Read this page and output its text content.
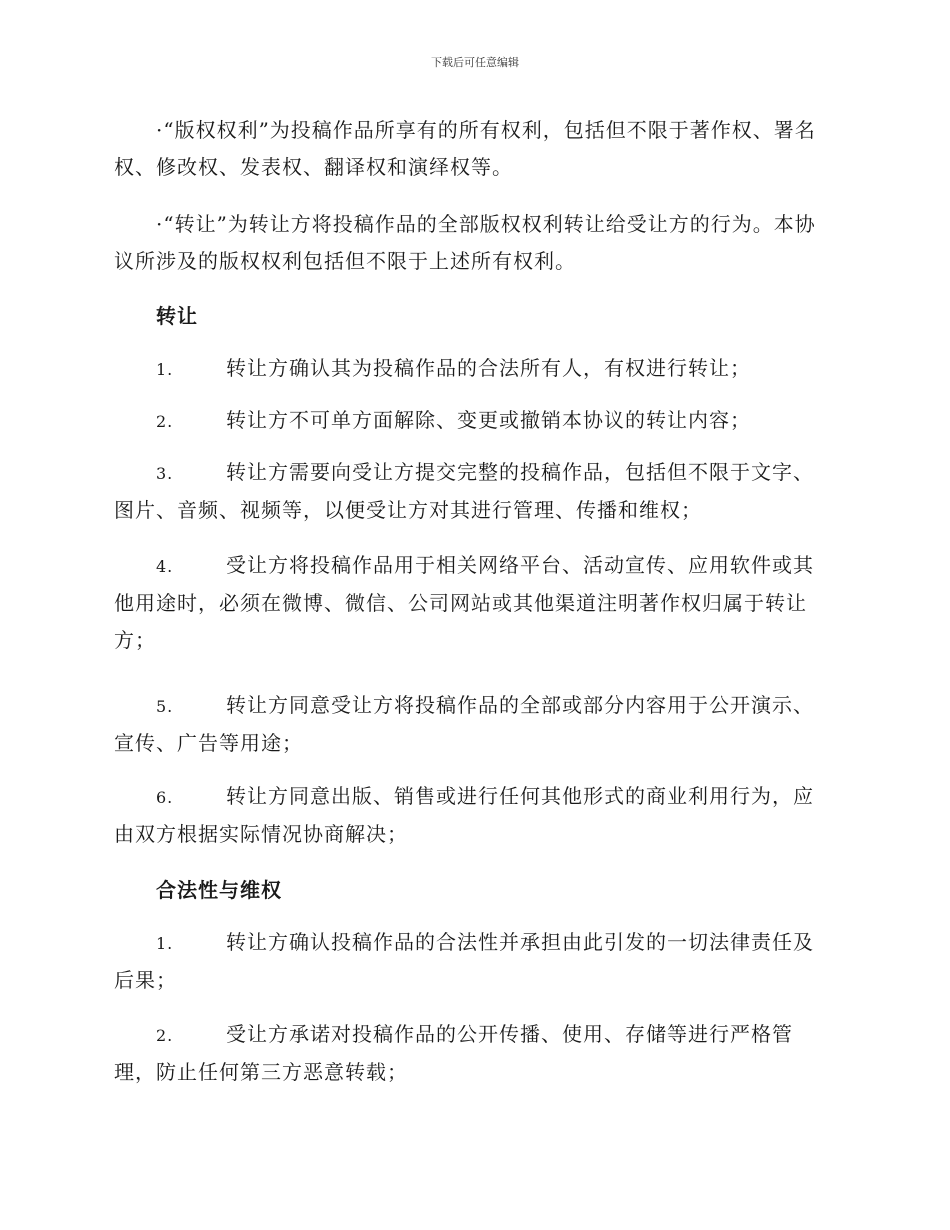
下载后可任意编辑

·“版权权利”为投稿作品所享有的所有权利，包括但不限于著作权、署名权、修改权、发表权、翻译权和演绎权等。

·“转让”为转让方将投稿作品的全部版权权利转让给受让方的行为。本协议所涉及的版权权利包括但不限于上述所有权利。

转让

1.	转让方确认其为投稿作品的合法所有人，有权进行转让；

2.	转让方不可单方面解除、变更或撤销本协议的转让内容；

3.	转让方需要向受让方提交完整的投稿作品，包括但不限于文字、图片、音频、视频等，以便受让方对其进行管理、传播和维权；

4.	受让方将投稿作品用于相关网络平台、活动宣传、应用软件或其他用途时，必须在微博、微信、公司网站或其他渠道注明著作权归属于转让方；

5.	转让方同意受让方将投稿作品的全部或部分内容用于公开演示、宣传、广告等用途；

6.	转让方同意出版、销售或进行任何其他形式的商业利用行为，应由双方根据实际情况协商解决；

合法性与维权

1.	转让方确认投稿作品的合法性并承担由此引发的一切法律责任及后果；

2.	受让方承诺对投稿作品的公开传播、使用、存储等进行严格管理，防止任何第三方恶意转载；
